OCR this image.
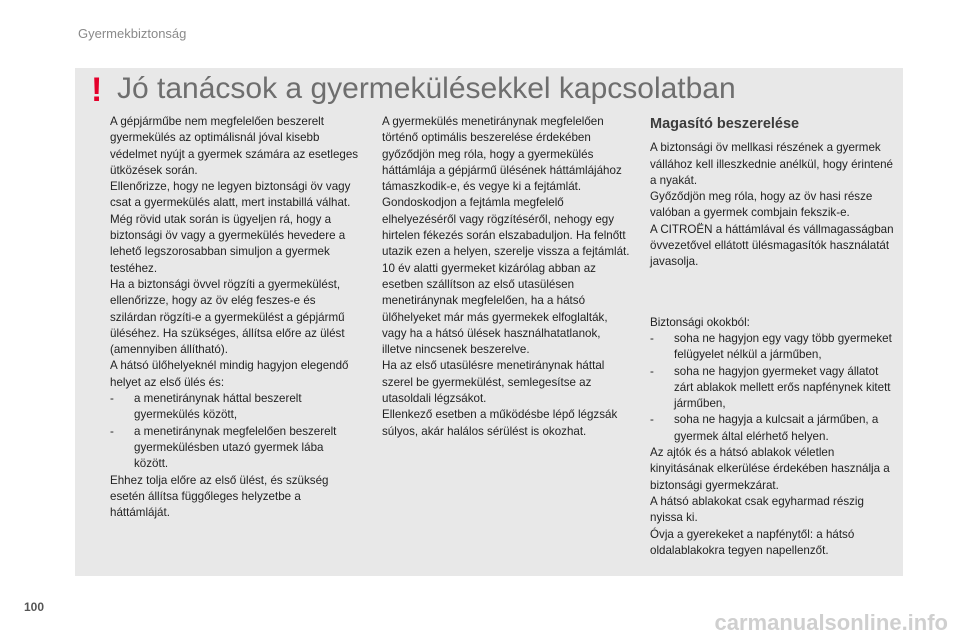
Gyermekbiztonság
! Jó tanácsok a gyermekülésekkel kapcsolatban

A gépjárműbe nem megfelelően beszerelt gyermekülés az optimálisnál jóval kisebb védelmet nyújt a gyermek számára az esetleges ütközések során.

Ellenőrizze, hogy ne legyen biztonsági öv vagy csat a gyermekülés alatt, mert instabillá válhat.

Még rövid utak során is ügyeljen rá, hogy a biztonsági öv vagy a gyermekülés hevedere a lehető legszorosabban simuljon a gyermek testéhez.

Ha a biztonsági övvel rögzíti a gyermekülést, ellenőrizze, hogy az öv elég feszes-e és szilárdan rögzíti-e a gyermekülést a gépjármű üléséhez. Ha szükséges, állítsa előre az ülést (amennyiben állítható).

A hátsó ülőhelyeknél mindig hagyjon elegendő helyet az első ülés és:

-	a menetiránynak háttal beszerelt gyermekülés között,
-	a menetiránynak megfelelően beszerelt gyermekülésben utazó gyermek lába között.

Ehhez tolja előre az első ülést, és szükség esetén állítsa függőleges helyzetbe a háttámláját.

A gyermekülés menetiránynak megfelelően történő optimális beszerelése érdekében győződjön meg róla, hogy a gyermekülés háttámlája a gépjármű ülésének háttámlájához támaszkodik-e, és vegye ki a fejtámlát.

Gondoskodjon a fejtámla megfelelő elhelyezéséről vagy rögzítéséről, nehogy egy hirtelen fékezés során elszabaduljon. Ha felnőtt utazik ezen a helyen, szerelje vissza a fejtámlát.

10 év alatti gyermeket kizárólag abban az esetben szállítson az első utasülésen menetiránynak megfelelően, ha a hátsó ülőhelyeket már más gyermekek elfoglalták, vagy ha a hátsó ülések használhatatlanok, illetve nincsenek beszerelve.

Ha az első utasülésre menetiránynak háttal szerel be gyermekülést, semlegesítse az utasoldali légzsákot.

Ellenkező esetben a működésbe lépő légzsák súlyos, akár halálos sérülést is okozhat.

Magasító beszerelése

A biztonsági öv mellkasi részének a gyermek vállához kell illeszkednie anélkül, hogy érintené a nyakát.

Győződjön meg róla, hogy az öv hasi része valóban a gyermek combjain fekszik-e.

A CITROËN a háttámlával és vállmagasságban övvezetővel ellátott ülésmagasítók használatát javasolja.

Biztonsági okokból:

-	soha ne hagyjon egy vagy több gyermeket felügyelet nélkül a járműben,
-	soha ne hagyjon gyermeket vagy állatot zárt ablakok mellett erős napfénynek kitett járműben,
-	soha ne hagyja a kulcsait a járműben, a gyermek által elérhető helyen.

Az ajtók és a hátsó ablakok véletlen kinyitásának elkerülése érdekében használja a biztonsági gyermekzárat.

A hátsó ablakokat csak egyharmad részig nyissa ki.

Óvja a gyerekeket a napfénytől: a hátsó oldalablakokra tegyen napellenzőt.

100
carmanualsonline.info
